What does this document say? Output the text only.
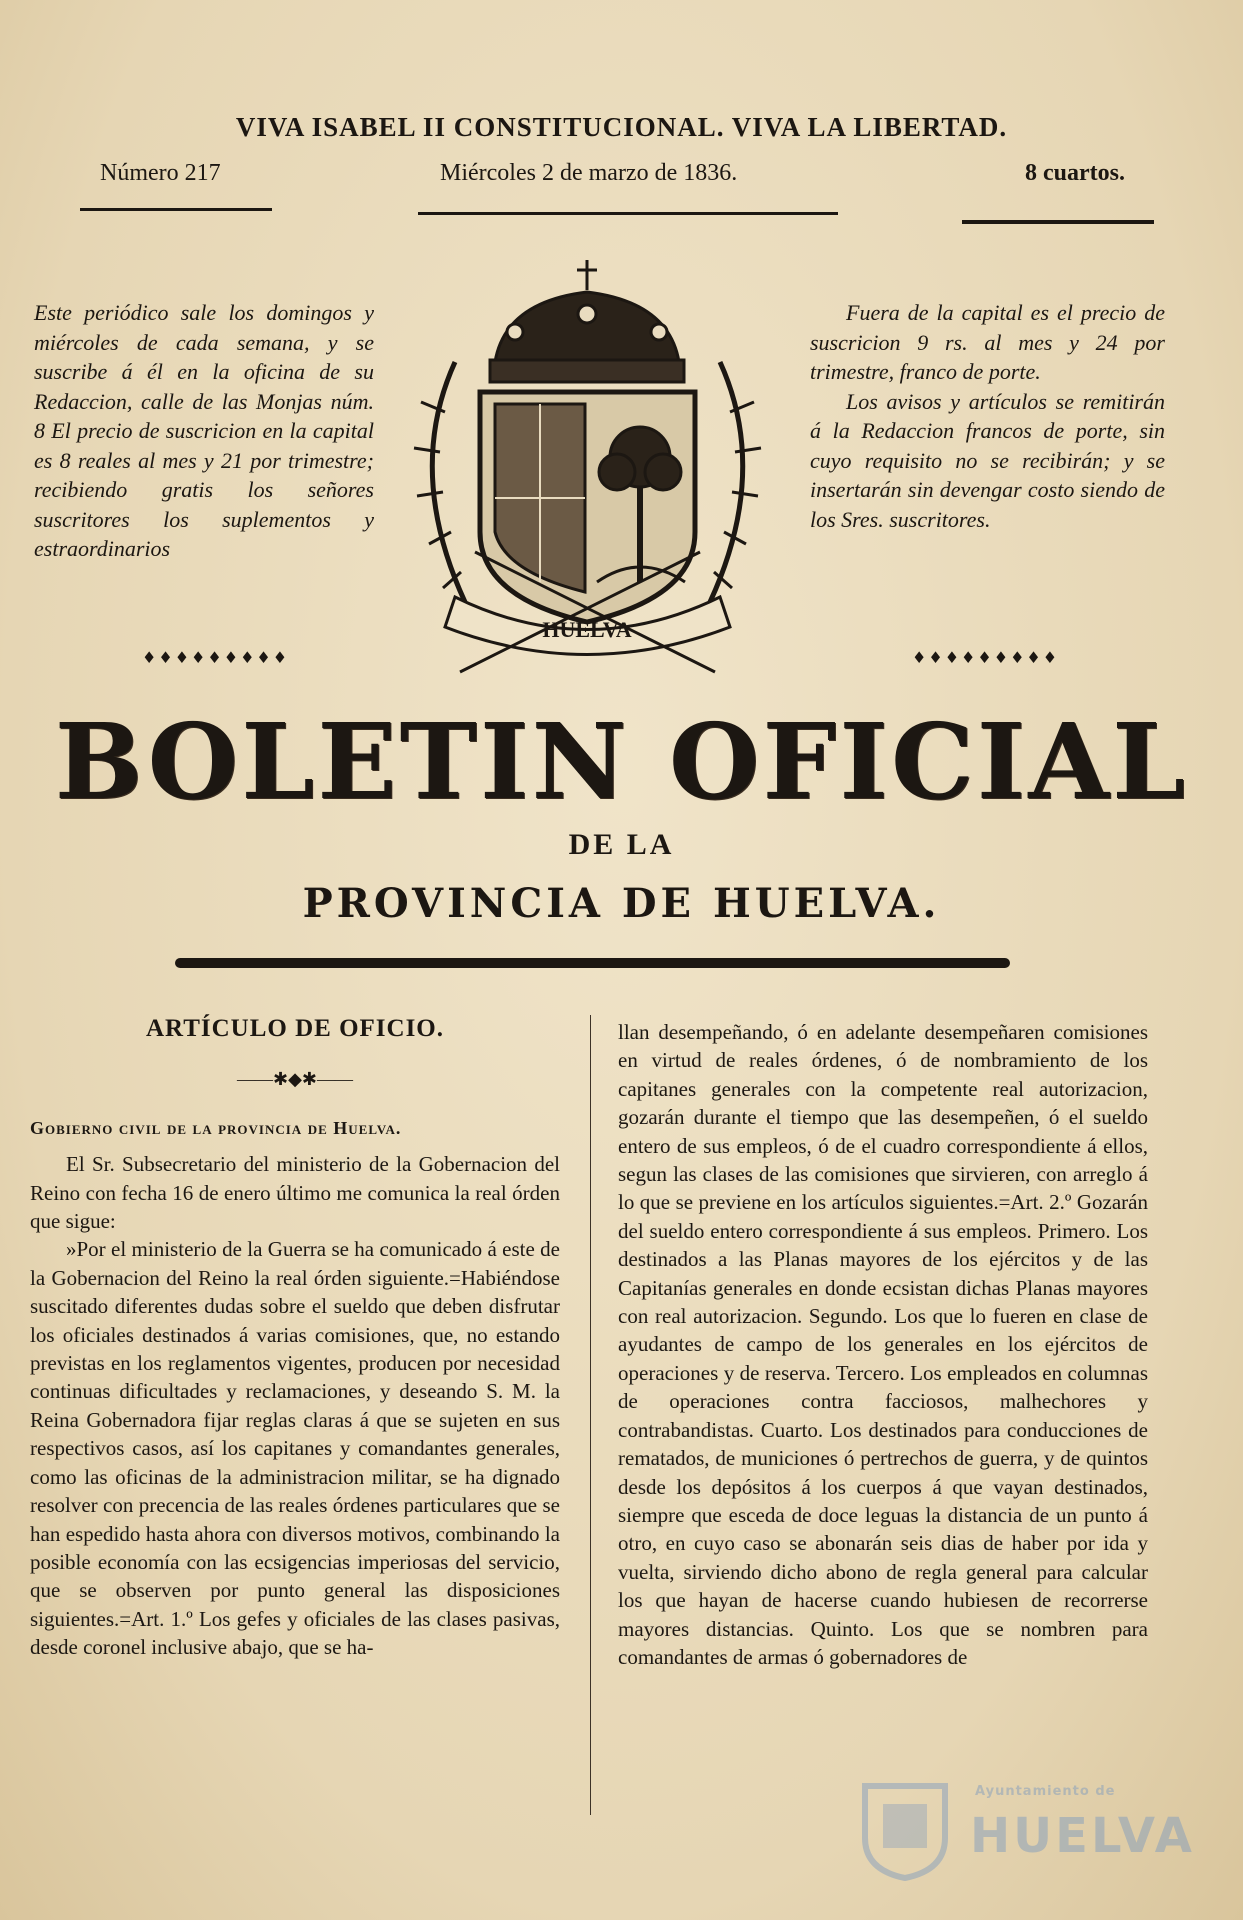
VIVA ISABEL II CONSTITUCIONAL. VIVA LA LIBERTAD.
Número 217	Miércoles 2 de marzo de 1836.	8 cuartos.

Este periódico sale los domingos y miércoles de cada semana, y se suscribe á él en la oficina de su Redaccion, calle de las Monjas núm. 8 El precio de suscricion en la capital es 8 reales al mes y 21 por trimestre; recibiendo gratis los señores suscritores los suplementos y estraordinarios

Fuera de la capital es el precio de suscricion 9 rs. al mes y 24 por trimestre, franco de porte.

Los avisos y artículos se remitirán á la Redaccion francos de porte, sin cuyo requisito no se recibirán; y se insertarán sin devengar costo siendo de los Sres. suscritores.

♦♦♦♦♦♦♦♦♦	♦♦♦♦♦♦♦♦♦
HUELVA
BOLETIN OFICIAL
DE LA
PROVINCIA DE HUELVA.

ARTÍCULO DE OFICIO.

——✱◆✱——

Gobierno civil de la provincia de Huelva.

El Sr. Subsecretario del ministerio de la Gobernacion del Reino con fecha 16 de enero último me comunica la real órden que sigue:

»Por el ministerio de la Guerra se ha comunicado á este de la Gobernacion del Reino la real órden siguiente.=Habiéndose suscitado diferentes dudas sobre el sueldo que deben disfrutar los oficiales destinados á varias comisiones, que, no estando previstas en los reglamentos vigentes, producen por necesidad continuas dificultades y reclamaciones, y deseando S. M. la Reina Gobernadora fijar reglas claras á que se sujeten en sus respectivos casos, así los capitanes y comandantes generales, como las oficinas de la administracion militar, se ha dignado resolver con precencia de las reales órdenes particulares que se han espedido hasta ahora con diversos motivos, combinando la posible economía con las ecsigencias imperiosas del servicio, que se observen por punto general las disposiciones siguientes.=Art. 1.º Los gefes y oficiales de las clases pasivas, desde coronel inclusive abajo, que se ha-

llan desempeñando, ó en adelante desempeñaren comisiones en virtud de reales órdenes, ó de nombramiento de los capitanes generales con la competente real autorizacion, gozarán durante el tiempo que las desempeñen, ó el sueldo entero de sus empleos, ó de el cuadro correspondiente á ellos, segun las clases de las comisiones que sirvieren, con arreglo á lo que se previene en los artículos siguientes.=Art. 2.º Gozarán del sueldo entero correspondiente á sus empleos. Primero. Los destinados a las Planas mayores de los ejércitos y de las Capitanías generales en donde ecsistan dichas Planas mayores con real autorizacion. Segundo. Los que lo fueren en clase de ayudantes de campo de los generales en los ejércitos de operaciones y de reserva. Tercero. Los empleados en columnas de operaciones contra facciosos, malhechores y contrabandistas. Cuarto. Los destinados para conducciones de rematados, de municiones ó pertrechos de guerra, y de quintos desde los depósitos á los cuerpos á que vayan destinados, siempre que esceda de doce leguas la distancia de un punto á otro, en cuyo caso se abonarán seis dias de haber por ida y vuelta, sirviendo dicho abono de regla general para calcular los que hayan de hacerse cuando hubiesen de recorrerse mayores distancias. Quinto. Los que se nombren para comandantes de armas ó gobernadores de

Ayuntamiento de
HUELVA
